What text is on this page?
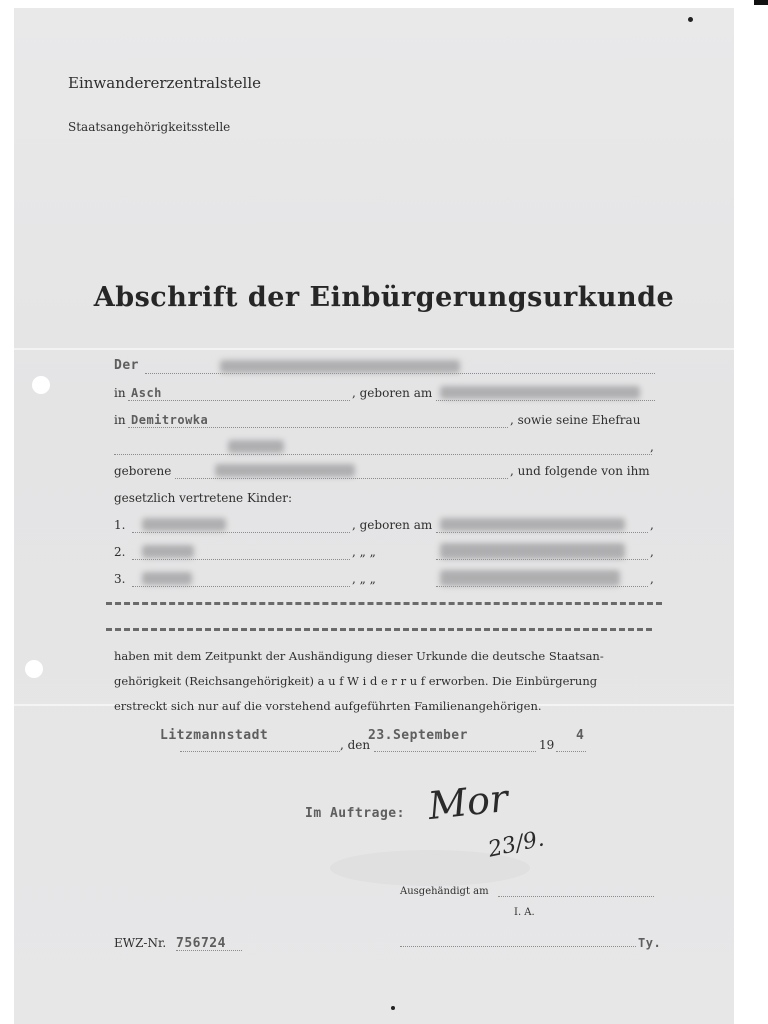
Einwandererzentralstelle
Staatsangehörigkeitsstelle
Abschrift der Einbürgerungsurkunde
Der
in Asch	, geboren am
in Demitrowka	, sowie seine Ehefrau
,
geborene	, und folgende von ihm
gesetzlich vertretene Kinder:
1.	, geboren am	,
2.	, „ „	,
3.	, „ „	,
haben mit dem Zeitpunkt der Aushändigung dieser Urkunde die deutsche Staatsan-
gehörigkeit (Reichsangehörigkeit) a u f W i d e r r u f erworben. Die Einbürgerung
erstreckt sich nur auf die vorstehend aufgeführten Familienangehörigen.
Litzmannstadt
, den
23.September
19
4
Im Auftrage: Mor
23/9.
Ausgehändigt am
I. A.
EWZ-Nr. 756724	Ty.
